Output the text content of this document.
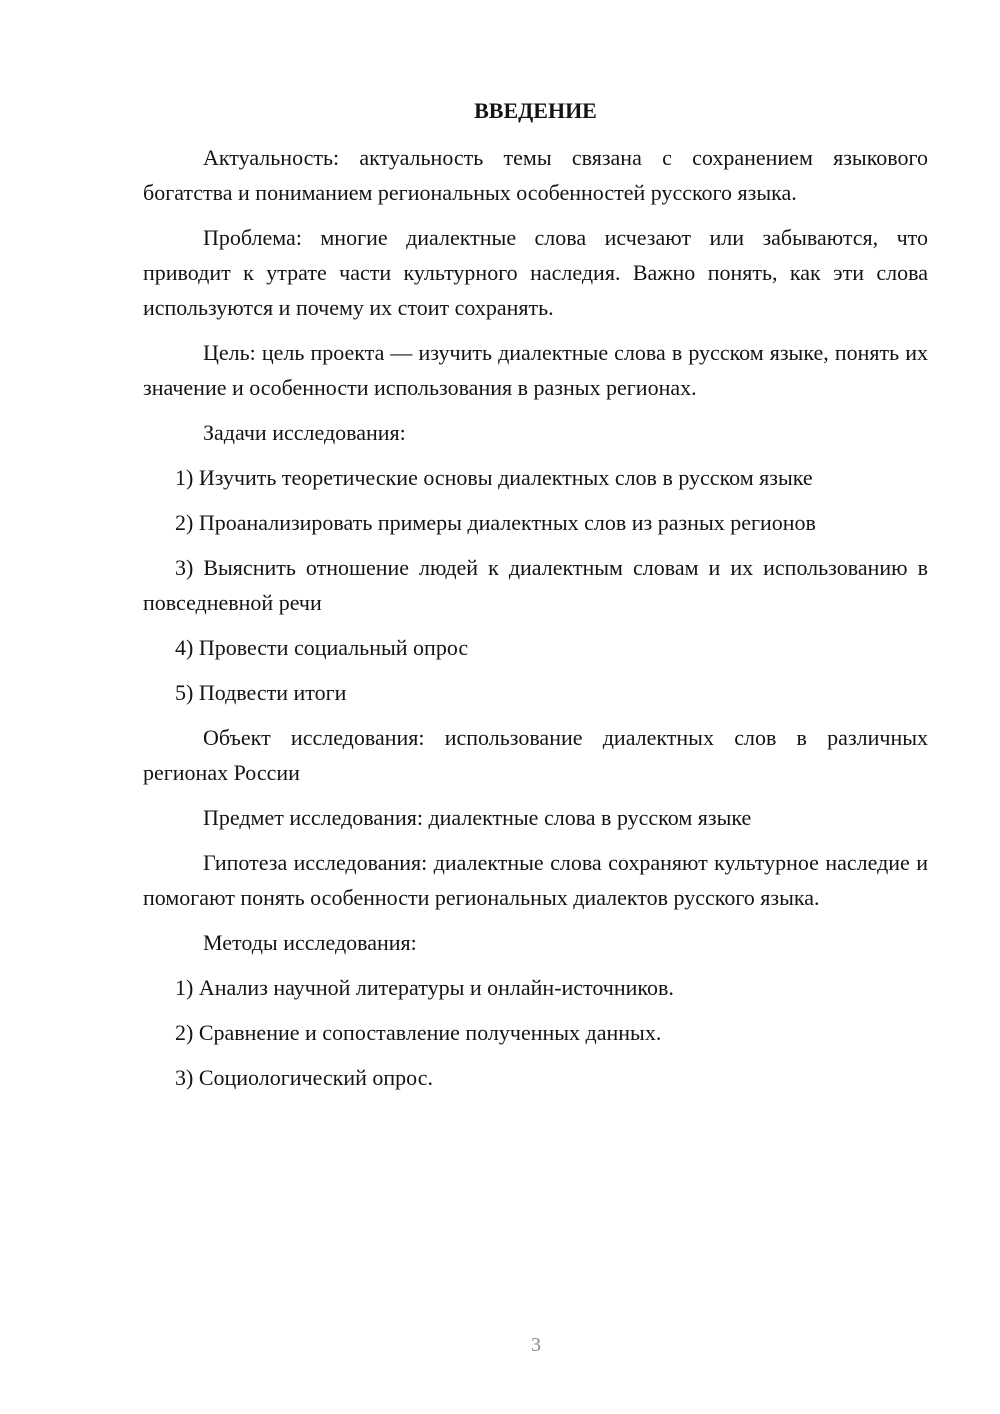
ВВЕДЕНИЕ

Актуальность: актуальность темы связана с сохранением языкового богатства и пониманием региональных особенностей русского языка.

Проблема: многие диалектные слова исчезают или забываются, что приводит к утрате части культурного наследия. Важно понять, как эти слова используются и почему их стоит сохранять.

Цель: цель проекта — изучить диалектные слова в русском языке, понять их значение и особенности использования в разных регионах.

Задачи исследования:

1) Изучить теоретические основы диалектных слов в русском языке

2) Проанализировать примеры диалектных слов из разных регионов

3) Выяснить отношение людей к диалектным словам и их использованию в повседневной речи

4) Провести социальный опрос

5) Подвести итоги

Объект исследования: использование диалектных слов в различных регионах России

Предмет исследования: диалектные слова в русском языке

Гипотеза исследования: диалектные слова сохраняют культурное наследие и помогают понять особенности региональных диалектов русского языка.

Методы исследования:

1) Анализ научной литературы и онлайн-источников.

2) Сравнение и сопоставление полученных данных.

3) Социологический опрос.

3
